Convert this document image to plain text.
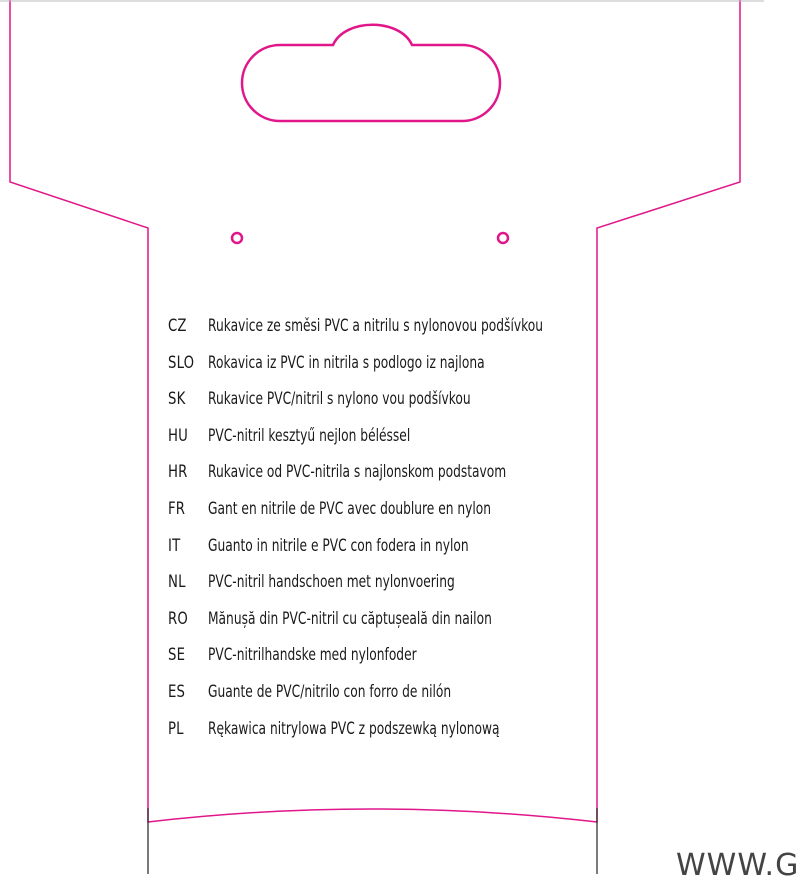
CZ	Rukavice ze směsi PVC a nitrilu s nylonovou podšívkou
SLO Rokavica iz PVC in nitrila s podlogo iz najlona
SK	Rukavice PVC/nitril s nylono vou podšívkou
HU	PVC-nitril kesztyű nejlon béléssel
HR	Rukavice od PVC-nitrila s najlonskom podstavom
FR	Gant en nitrile de PVC avec doublure en nylon
IT	Guanto in nitrile e PVC con fodera in nylon
NL	PVC-nitril handschoen met nylonvoering
RO	Mănușă din PVC-nitril cu căptușeală din nailon
SE	PVC-nitrilhandske med nylonfoder
ES	Guante de PVC/nitrilo con forro de nilón
PL	Rękawica nitrylowa PVC z podszewką nylonową
WWW.G
